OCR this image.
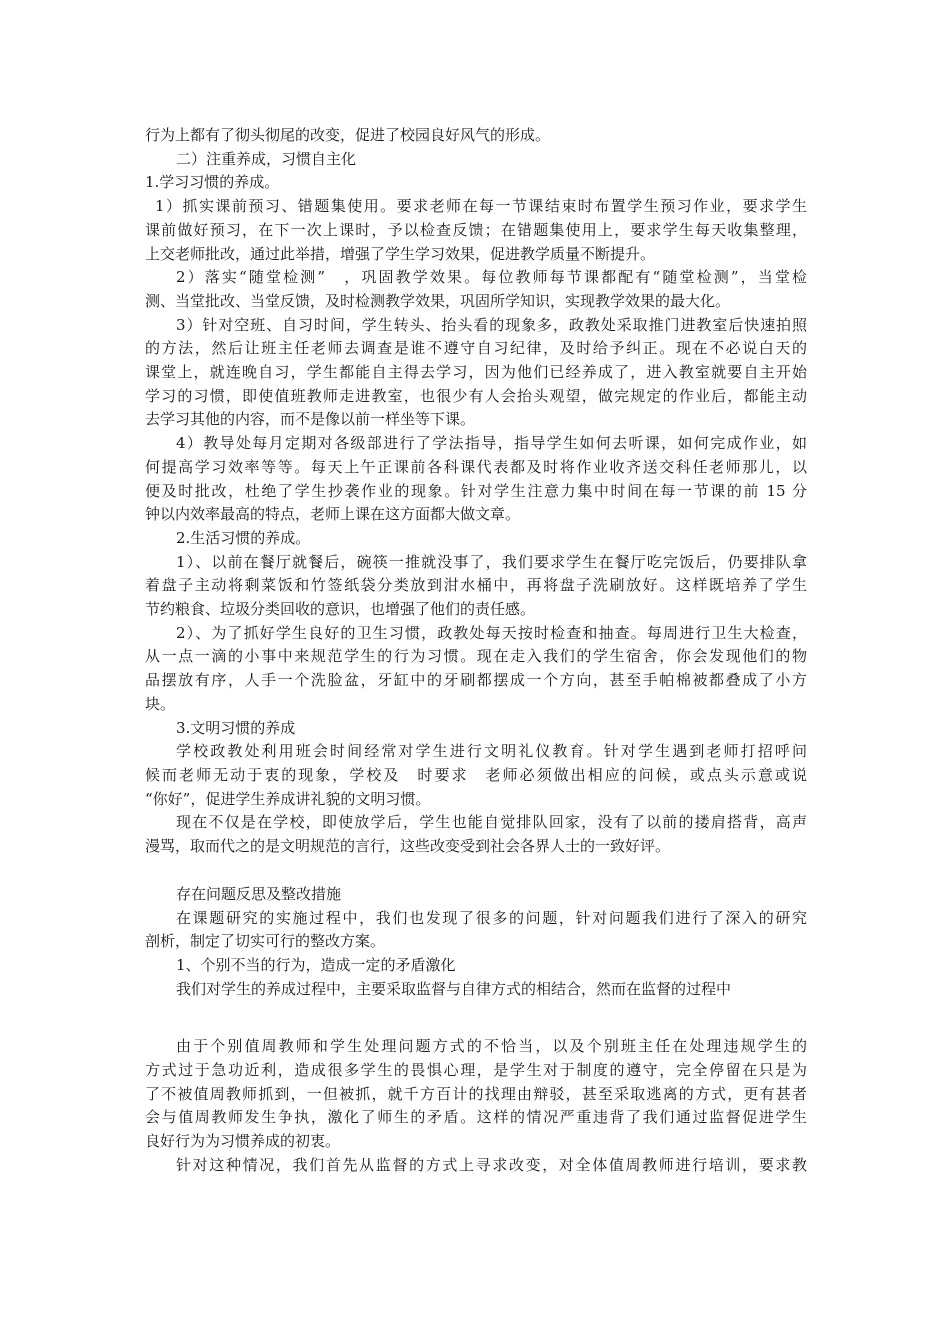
行为上都有了彻头彻尾的改变，促进了校园良好风气的形成。
二）注重养成，习惯自主化
1.学习习惯的养成。
1）抓实课前预习、错题集使用。要求老师在每一节课结束时布置学生预习作业，要求学生
课前做好预习，在下一次上课时，予以检查反馈；在错题集使用上，要求学生每天收集整理，
上交老师批改，通过此举措，增强了学生学习效果，促进教学质量不断提升。
2）落实“随堂检测”　，巩固教学效果。每位教师每节课都配有“随堂检测”，当堂检
测、当堂批改、当堂反馈，及时检测教学效果，巩固所学知识，实现教学效果的最大化。
3）针对空班、自习时间，学生转头、抬头看的现象多，政教处采取推门进教室后快速拍照
的方法，然后让班主任老师去调查是谁不遵守自习纪律，及时给予纠正。现在不必说白天的
课堂上，就连晚自习，学生都能自主得去学习，因为他们已经养成了，进入教室就要自主开始
学习的习惯，即使值班教师走进教室，也很少有人会抬头观望，做完规定的作业后，都能主动
去学习其他的内容，而不是像以前一样坐等下课。
4）教导处每月定期对各级部进行了学法指导，指导学生如何去听课，如何完成作业，如
何提高学习效率等等。每天上午正课前各科课代表都及时将作业收齐送交科任老师那儿，以
便及时批改，杜绝了学生抄袭作业的现象。针对学生注意力集中时间在每一节课的前 15 分
钟以内效率最高的特点，老师上课在这方面都大做文章。
2.生活习惯的养成。
1）、以前在餐厅就餐后，碗筷一推就没事了，我们要求学生在餐厅吃完饭后，仍要排队拿
着盘子主动将剩菜饭和竹签纸袋分类放到泔水桶中，再将盘子洗刷放好。这样既培养了学生
节约粮食、垃圾分类回收的意识，也增强了他们的责任感。
2）、为了抓好学生良好的卫生习惯，政教处每天按时检查和抽查。每周进行卫生大检查，
从一点一滴的小事中来规范学生的行为习惯。现在走入我们的学生宿舍，你会发现他们的物
品摆放有序，人手一个洗脸盆，牙缸中的牙刷都摆成一个方向，甚至手帕棉被都叠成了小方
块。
3.文明习惯的养成
学校政教处利用班会时间经常对学生进行文明礼仪教育。针对学生遇到老师打招呼问
候而老师无动于衷的现象，学校及　时要求　老师必须做出相应的问候，或点头示意或说
“你好”，促进学生养成讲礼貌的文明习惯。
现在不仅是在学校，即使放学后，学生也能自觉排队回家，没有了以前的搂肩搭背，高声
漫骂，取而代之的是文明规范的言行，这些改变受到社会各界人士的一致好评。
存在问题反思及整改措施
在课题研究的实施过程中，我们也发现了很多的问题，针对问题我们进行了深入的研究
剖析，制定了切实可行的整改方案。
1、个别不当的行为，造成一定的矛盾激化
我们对学生的养成过程中，主要采取监督与自律方式的相结合，然而在监督的过程中
由于个别值周教师和学生处理问题方式的不恰当，以及个别班主任在处理违规学生的
方式过于急功近利，造成很多学生的畏惧心理，是学生对于制度的遵守，完全停留在只是为
了不被值周教师抓到，一但被抓，就千方百计的找理由辩驳，甚至采取逃离的方式，更有甚者
会与值周教师发生争执，激化了师生的矛盾。这样的情况严重违背了我们通过监督促进学生
良好行为为习惯养成的初衷。
针对这种情况，我们首先从监督的方式上寻求改变，对全体值周教师进行培训，要求教
